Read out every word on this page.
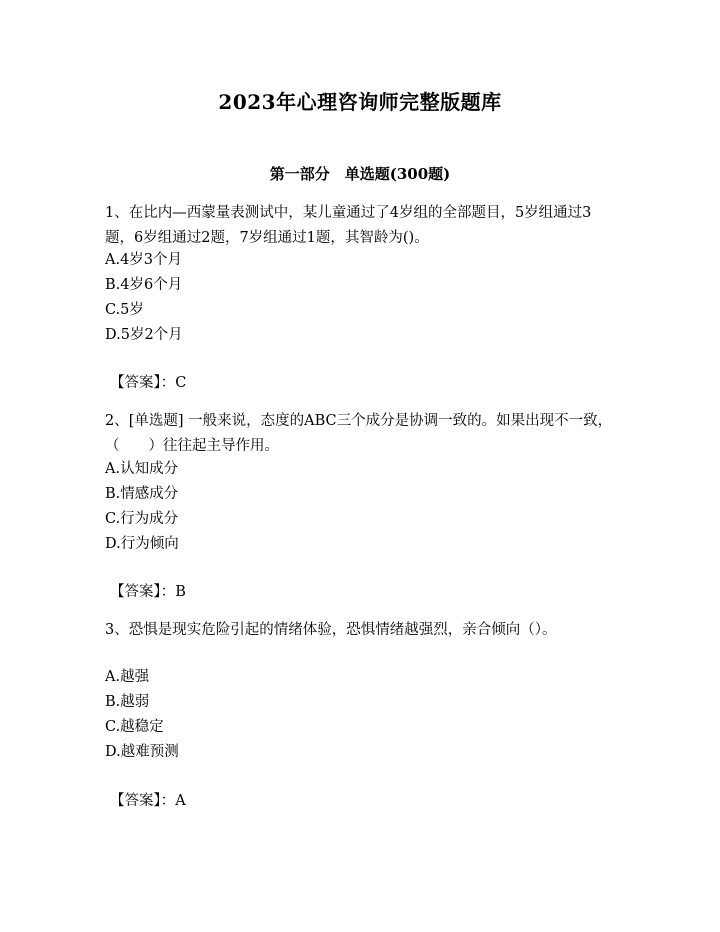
2023年心理咨询师完整版题库
第一部分　单选题(300题)
1、在比内—西蒙量表测试中，某儿童通过了4岁组的全部题目，5岁组通过3题，6岁组通过2题，7岁组通过1题，其智龄为()。
A.4岁3个月
B.4岁6个月
C.5岁
D.5岁2个月
【答案】：C
2、[单选题] 一般来说，态度的ABC三个成分是协调一致的。如果出现不一致，（　　）往往起主导作用。
A.认知成分
B.情感成分
C.行为成分
D.行为倾向
【答案】：B
3、恐惧是现实危险引起的情绪体验，恐惧情绪越强烈，亲合倾向（）。
A.越强
B.越弱
C.越稳定
D.越难预测
【答案】：A
